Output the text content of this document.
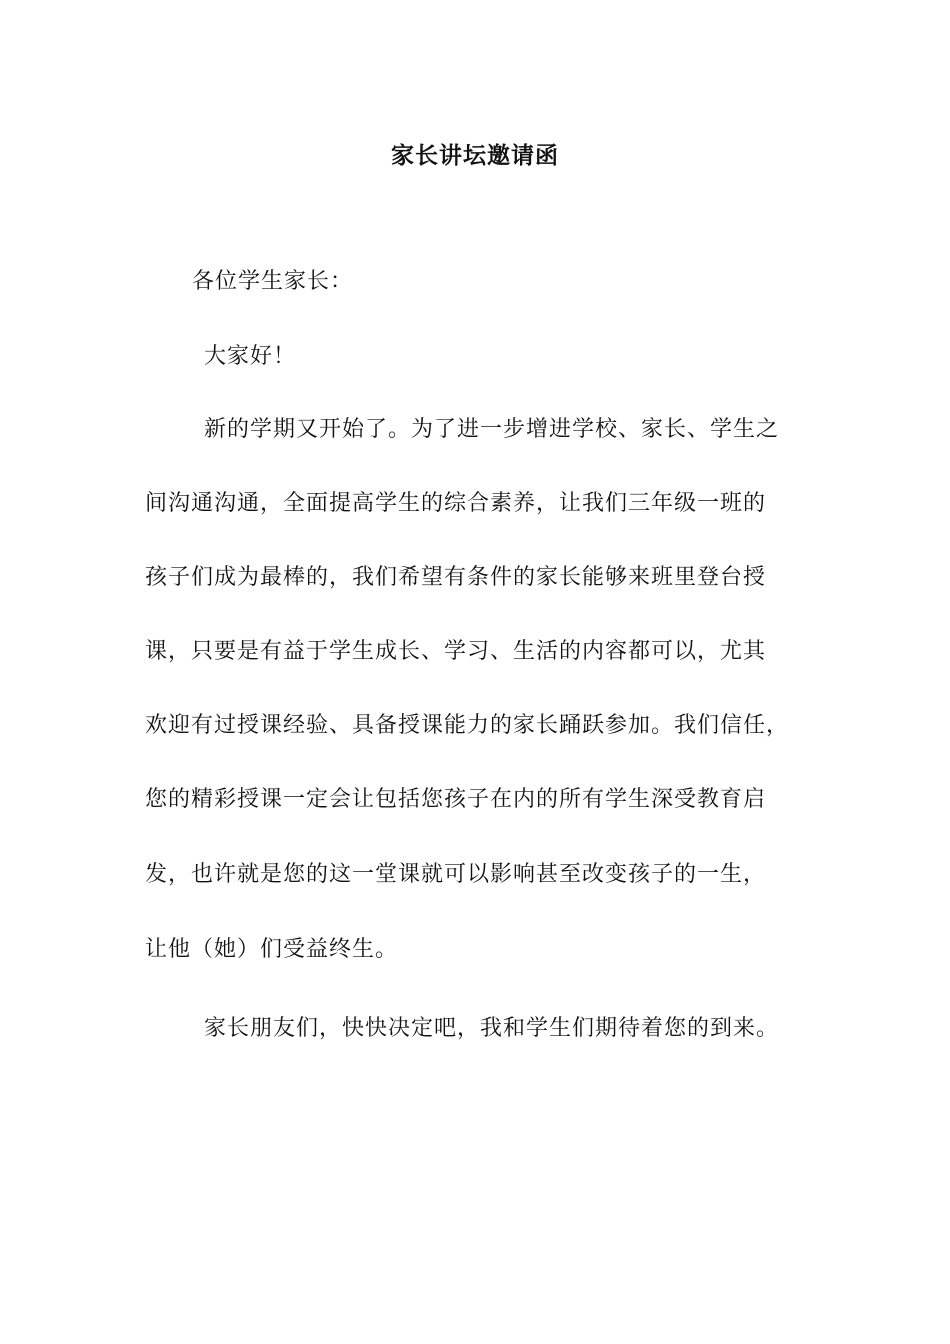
家长讲坛邀请函
各位学生家长：
大家好！
新的学期又开始了。为了进一步增进学校、家长、学生之
间沟通沟通，全面提高学生的综合素养，让我们三年级一班的
孩子们成为最棒的，我们希望有条件的家长能够来班里登台授
课，只要是有益于学生成长、学习、生活的内容都可以，尤其
欢迎有过授课经验、具备授课能力的家长踊跃参加。我们信任，
您的精彩授课一定会让包括您孩子在内的所有学生深受教育启
发，也许就是您的这一堂课就可以影响甚至改变孩子的一生，
让他（她）们受益终生。
家长朋友们，快快决定吧，我和学生们期待着您的到来。
